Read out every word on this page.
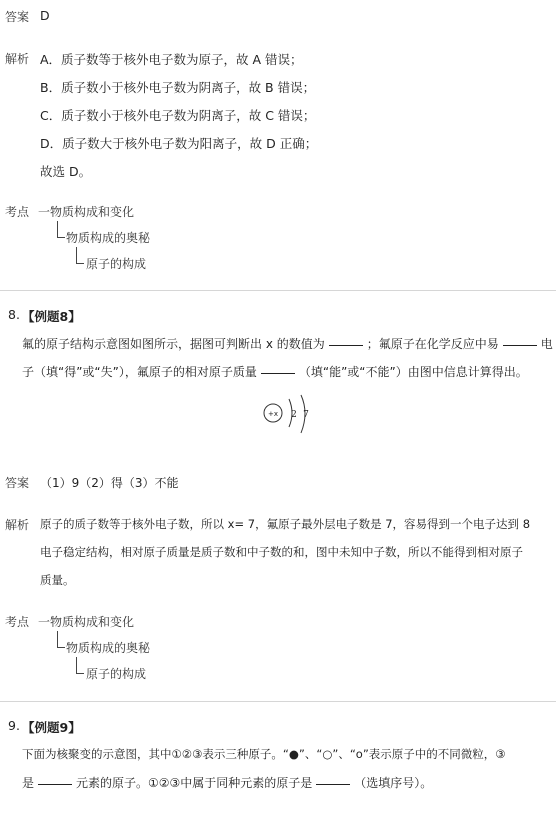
答案 D
解析 A．质子数等于核外电子数为原子，故 A 错误；
B．质子数小于核外电子数为阴离子，故 B 错误；
C．质子数小于核外电子数为阴离子，故 C 错误；
D．质子数大于核外电子数为阳离子，故 D 正确；
故选 D。
考点 一物质构成和变化
物质构成的奥秘
原子的构成
8. 【例题8】
氟的原子结构示意图如图所示，据图可判断出 x 的数值为	；氟原子在化学反应中易	电
子（填“得”或“失”），氟原子的相对原子质量	（填“能”或“不能”）由图中信息计算得出。
+x 2 7
答案 （1）9（2）得（3）不能
解析 原子的质子数等于核外电子数，所以 x= 7，氟原子最外层电子数是 7，容易得到一个电子达到 8
电子稳定结构，相对原子质量是质子数和中子数的和，图中未知中子数，所以不能得到相对原子
质量。
考点 一物质构成和变化
物质构成的奥秘
原子的构成
9. 【例题9】
下面为核聚变的示意图，其中①②③表示三种原子。“●”、“○”、“ο”表示原子中的不同微粒，③
是	元素的原子。①②③中属于同种元素的原子是	（选填序号）。
